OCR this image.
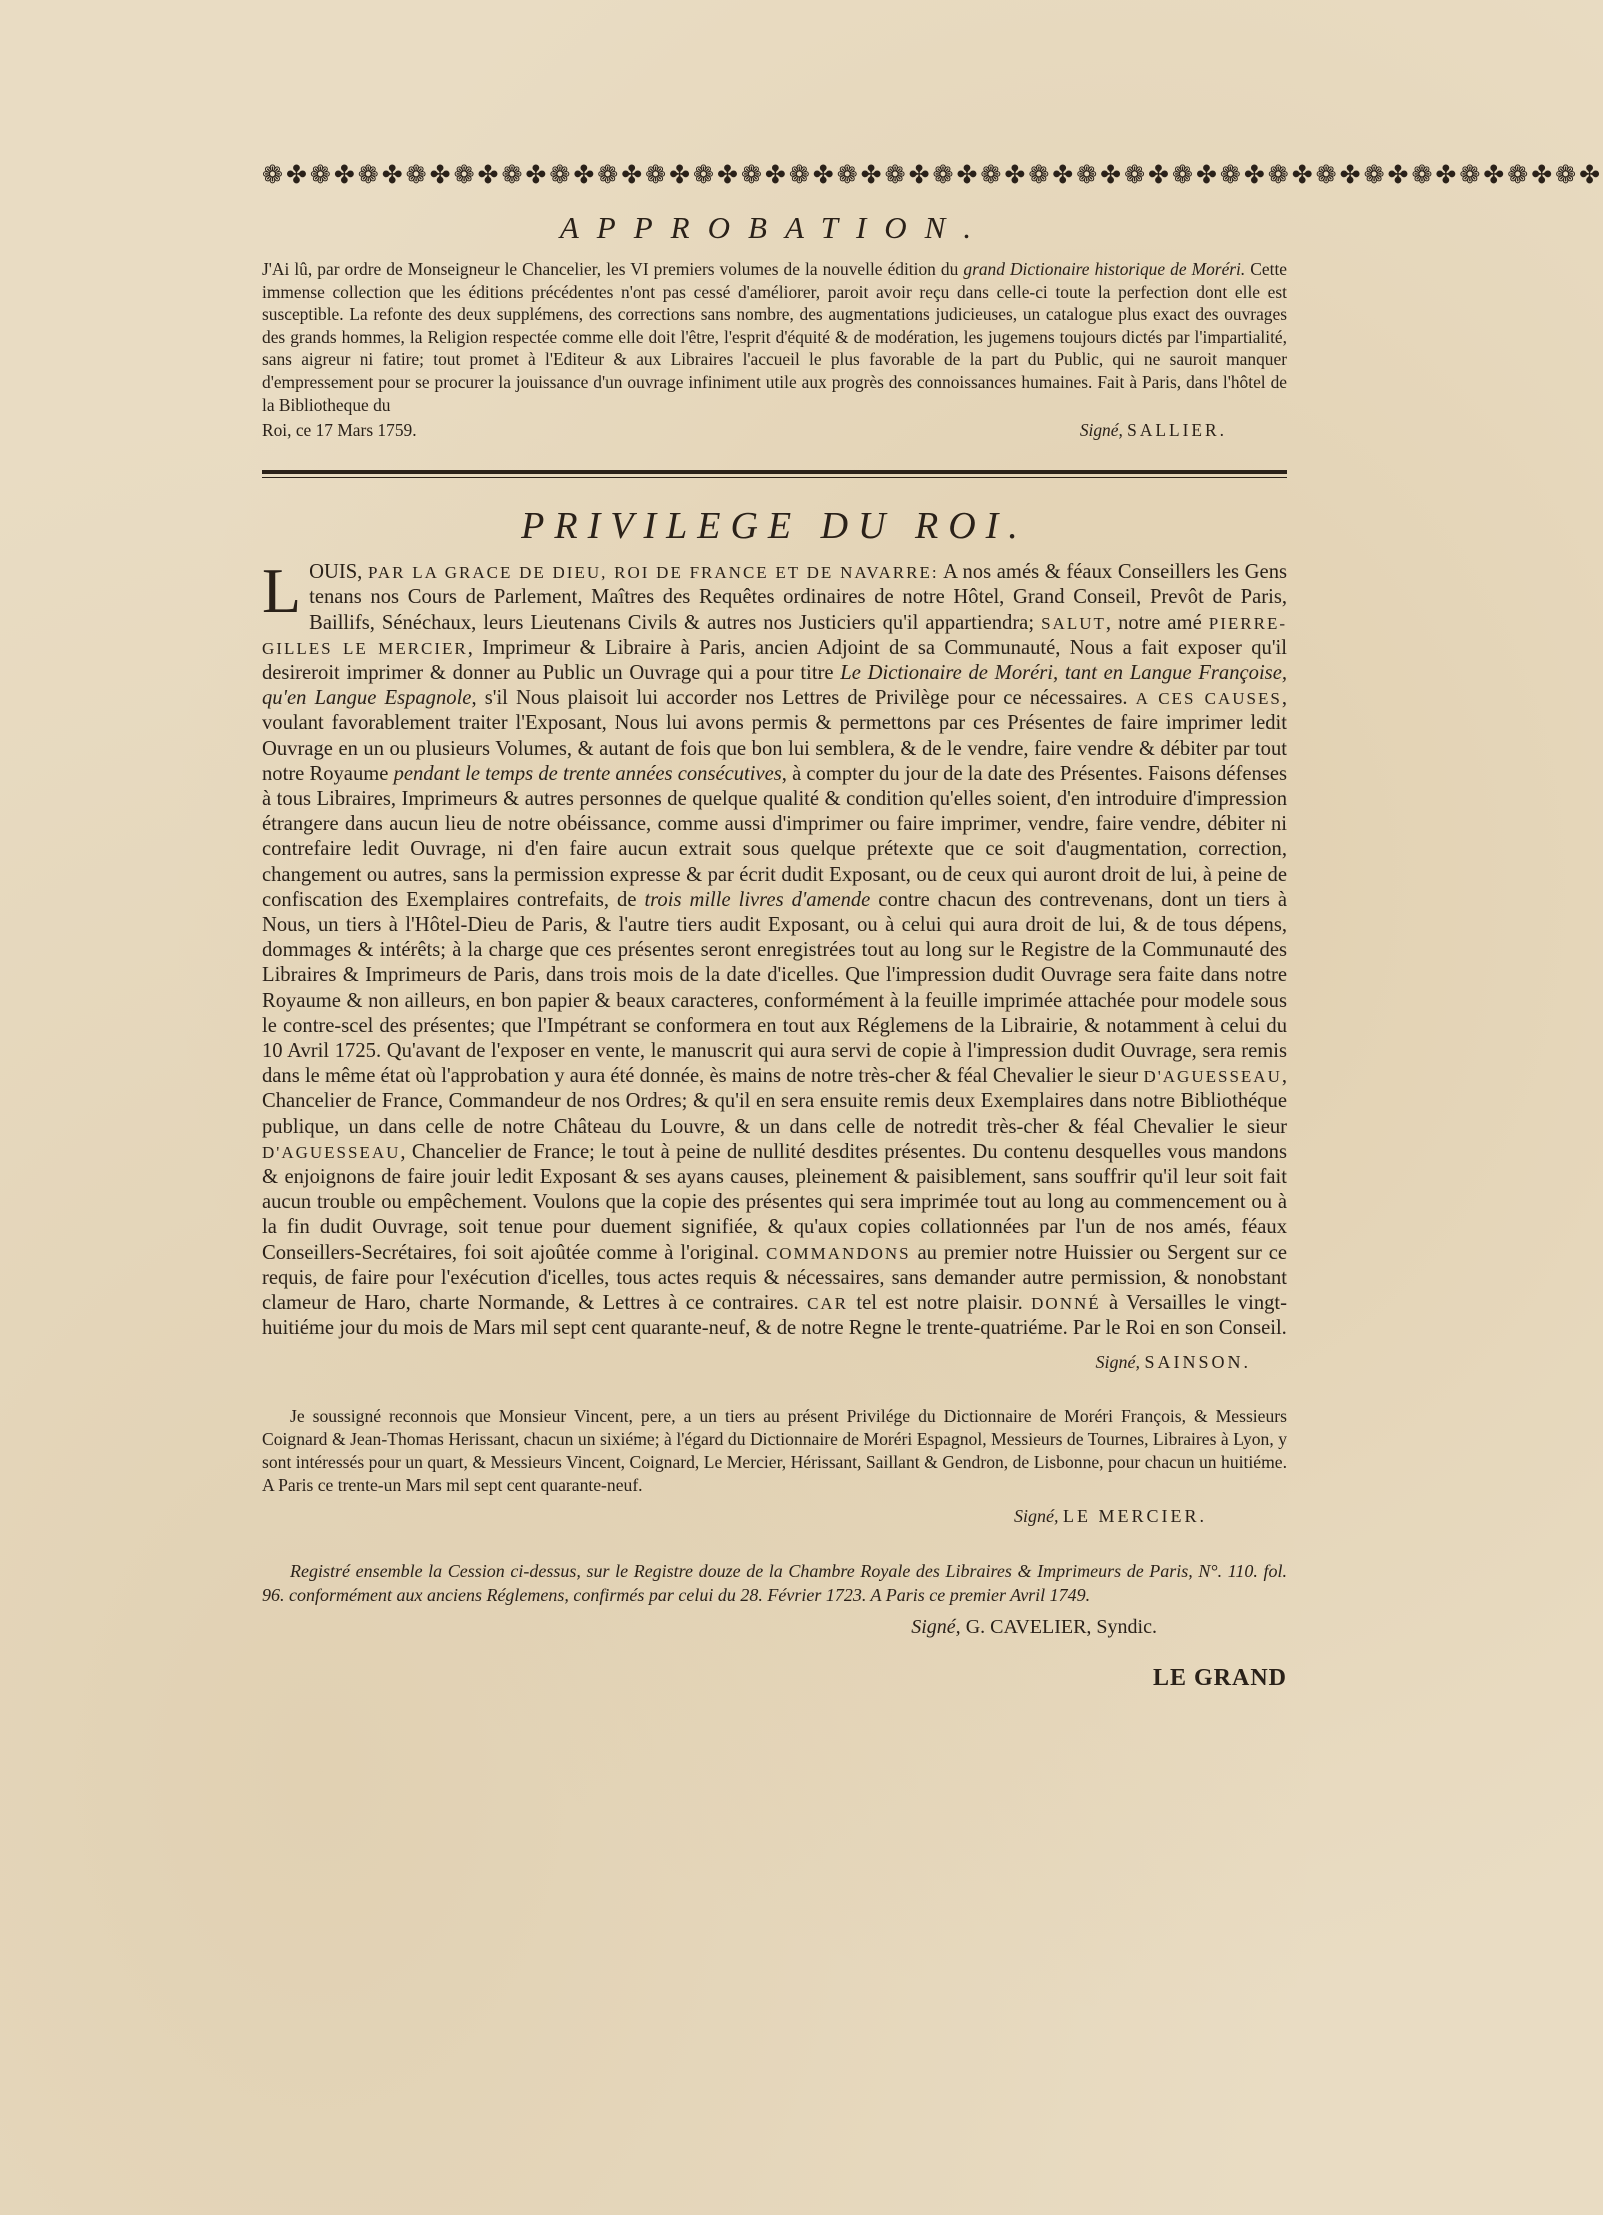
❁✤❁✤❁✤❁✤❁✤❁✤❁✤❁✤❁✤❁✤❁✤❁✤❁✤❁✤❁✤❁✤❁✤❁✤❁✤❁✤❁✤❁✤❁✤❁✤❁✤❁✤❁✤❁✤
APPROBATION.

J'Ai lû, par ordre de Monseigneur le Chancelier, les VI premiers volumes de la nouvelle édition du grand Dictionaire historique de Moréri. Cette immense collection que les éditions précédentes n'ont pas cessé d'améliorer, paroit avoir reçu dans celle-ci toute la perfection dont elle est susceptible. La refonte des deux supplémens, des corrections sans nombre, des augmentations judicieuses, un catalogue plus exact des ouvrages des grands hommes, la Religion respectée comme elle doit l'être, l'esprit d'équité & de modération, les jugemens toujours dictés par l'impartialité, sans aigreur ni fatire; tout promet à l'Editeur & aux Libraires l'accueil le plus favorable de la part du Public, qui ne sauroit manquer d'empressement pour se procurer la jouissance d'un ouvrage infiniment utile aux progrès des connoissances humaines. Fait à Paris, dans l'hôtel de la Bibliotheque du

Roi, ce 17 Mars 1759.	Signé, SALLIER.
PRIVILEGE DU ROI.

LOUIS, PAR LA GRACE DE DIEU, ROI DE FRANCE ET DE NAVARRE: A nos amés & féaux Conseillers les Gens tenans nos Cours de Parlement, Maîtres des Requêtes ordinaires de notre Hôtel, Grand Conseil, Prevôt de Paris, Baillifs, Sénéchaux, leurs Lieutenans Civils & autres nos Justiciers qu'il appartiendra; SALUT, notre amé PIERRE-GILLES LE MERCIER, Imprimeur & Libraire à Paris, ancien Adjoint de sa Communauté, Nous a fait exposer qu'il desireroit imprimer & donner au Public un Ouvrage qui a pour titre Le Dictionaire de Moréri, tant en Langue Françoise, qu'en Langue Espagnole, s'il Nous plaisoit lui accorder nos Lettres de Privilège pour ce nécessaires. A CES CAUSES, voulant favorablement traiter l'Exposant, Nous lui avons permis & permettons par ces Présentes de faire imprimer ledit Ouvrage en un ou plusieurs Volumes, & autant de fois que bon lui semblera, & de le vendre, faire vendre & débiter par tout notre Royaume pendant le temps de trente années consécutives, à compter du jour de la date des Présentes. Faisons défenses à tous Libraires, Imprimeurs & autres personnes de quelque qualité & condition qu'elles soient, d'en introduire d'impression étrangere dans aucun lieu de notre obéissance, comme aussi d'imprimer ou faire imprimer, vendre, faire vendre, débiter ni contrefaire ledit Ouvrage, ni d'en faire aucun extrait sous quelque prétexte que ce soit d'augmentation, correction, changement ou autres, sans la permission expresse & par écrit dudit Exposant, ou de ceux qui auront droit de lui, à peine de confiscation des Exemplaires contrefaits, de trois mille livres d'amende contre chacun des contrevenans, dont un tiers à Nous, un tiers à l'Hôtel-Dieu de Paris, & l'autre tiers audit Exposant, ou à celui qui aura droit de lui, & de tous dépens, dommages & intérêts; à la charge que ces présentes seront enregistrées tout au long sur le Registre de la Communauté des Libraires & Imprimeurs de Paris, dans trois mois de la date d'icelles. Que l'impression dudit Ouvrage sera faite dans notre Royaume & non ailleurs, en bon papier & beaux caracteres, conformément à la feuille imprimée attachée pour modele sous le contre-scel des présentes; que l'Impétrant se conformera en tout aux Réglemens de la Librairie, & notamment à celui du 10 Avril 1725. Qu'avant de l'exposer en vente, le manuscrit qui aura servi de copie à l'impression dudit Ouvrage, sera remis dans le même état où l'approbation y aura été donnée, ès mains de notre très-cher & féal Chevalier le sieur D'AGUESSEAU, Chancelier de France, Commandeur de nos Ordres; & qu'il en sera ensuite remis deux Exemplaires dans notre Bibliothéque publique, un dans celle de notre Château du Louvre, & un dans celle de notredit très-cher & féal Chevalier le sieur D'AGUESSEAU, Chancelier de France; le tout à peine de nullité desdites présentes. Du contenu desquelles vous mandons & enjoignons de faire jouir ledit Exposant & ses ayans causes, pleinement & paisiblement, sans souffrir qu'il leur soit fait aucun trouble ou empêchement. Voulons que la copie des présentes qui sera imprimée tout au long au commencement ou à la fin dudit Ouvrage, soit tenue pour duement signifiée, & qu'aux copies collationnées par l'un de nos amés, féaux Conseillers-Secrétaires, foi soit ajoûtée comme à l'original. COMMANDONS au premier notre Huissier ou Sergent sur ce requis, de faire pour l'exécution d'icelles, tous actes requis & nécessaires, sans demander autre permission, & nonobstant clameur de Haro, charte Normande, & Lettres à ce contraires. CAR tel est notre plaisir. DONNÉ à Versailles le vingt-huitiéme jour du mois de Mars mil sept cent quarante-neuf, & de notre Regne le trente-quatriéme. Par le Roi en son Conseil.

Signé, SAINSON.

Je soussigné reconnois que Monsieur Vincent, pere, a un tiers au présent Privilége du Dictionnaire de Moréri François, & Messieurs Coignard & Jean-Thomas Herissant, chacun un sixiéme; à l'égard du Dictionnaire de Moréri Espagnol, Messieurs de Tournes, Libraires à Lyon, y sont intéressés pour un quart, & Messieurs Vincent, Coignard, Le Mercier, Hérissant, Saillant & Gendron, de Lisbonne, pour chacun un huitiéme. A Paris ce trente-un Mars mil sept cent quarante-neuf.

Signé, LE MERCIER.

Registré ensemble la Cession ci-dessus, sur le Registre douze de la Chambre Royale des Libraires & Imprimeurs de Paris, N°. 110. fol. 96. conformément aux anciens Réglemens, confirmés par celui du 28. Février 1723. A Paris ce premier Avril 1749.

Signé, G. CAVELIER, Syndic.
LE GRAND
